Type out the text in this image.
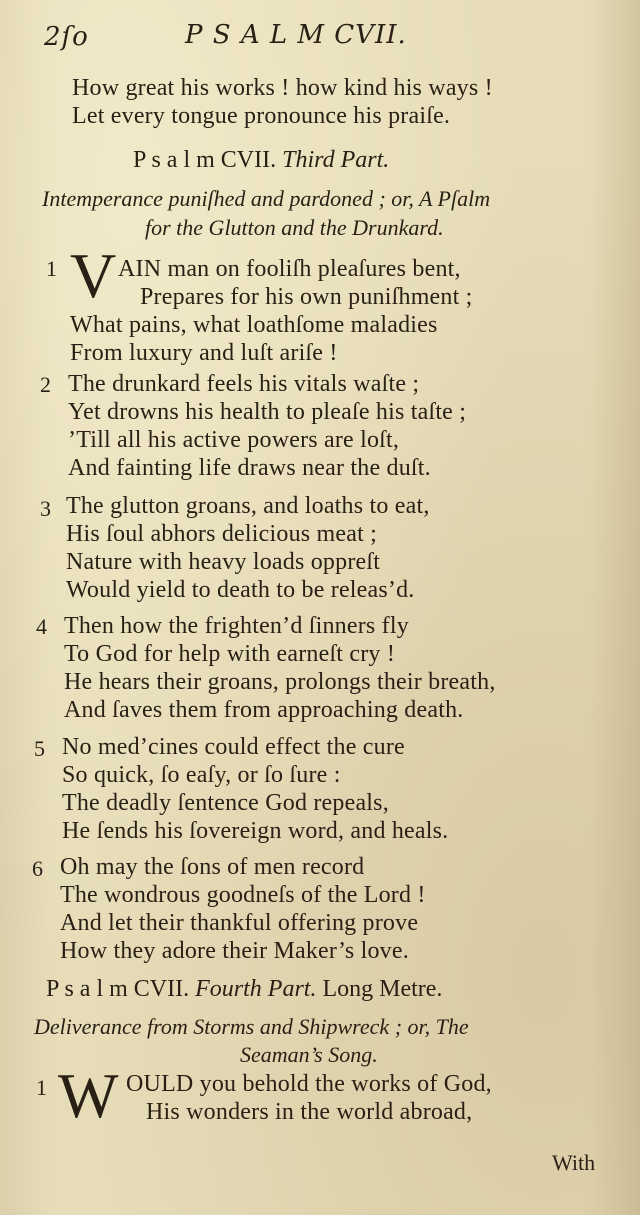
2ſo	P S A L M CVII.
How great his works ! how kind his ways !
Let every tongue pronounce his praiſe.
P s a l m CVII. Third Part.
Intemperance puniſhed and pardoned ; or, A Pſalm
for the Glutton and the Drunkard.
1 V AIN man on fooliſh pleaſures bent,
Prepares for his own puniſhment ;
What pains, what loathſome maladies
From luxury and luſt ariſe !
2 The drunkard feels his vitals waſte ;
Yet drowns his health to pleaſe his taſte ;
’Till all his active powers are loſt,
And fainting life draws near the duſt.
3 The glutton groans, and loaths to eat,
His ſoul abhors delicious meat ;
Nature with heavy loads oppreſt
Would yield to death to be releas’d.
4 Then how the frighten’d ſinners fly
To God for help with earneſt cry !
He hears their groans, prolongs their breath,
And ſaves them from approaching death.
5 No med’cines could effect the cure
So quick, ſo eaſy, or ſo ſure :
The deadly ſentence God repeals,
He ſends his ſovereign word, and heals.
6 Oh may the ſons of men record
The wondrous goodneſs of the Lord !
And let their thankful offering prove
How they adore their Maker’s love.
P s a l m CVII. Fourth Part. Long Metre.
Deliverance from Storms and Shipwreck ; or, The
Seaman’s Song.
1 W OULD you behold the works of God,
His wonders in the world abroad,
With
